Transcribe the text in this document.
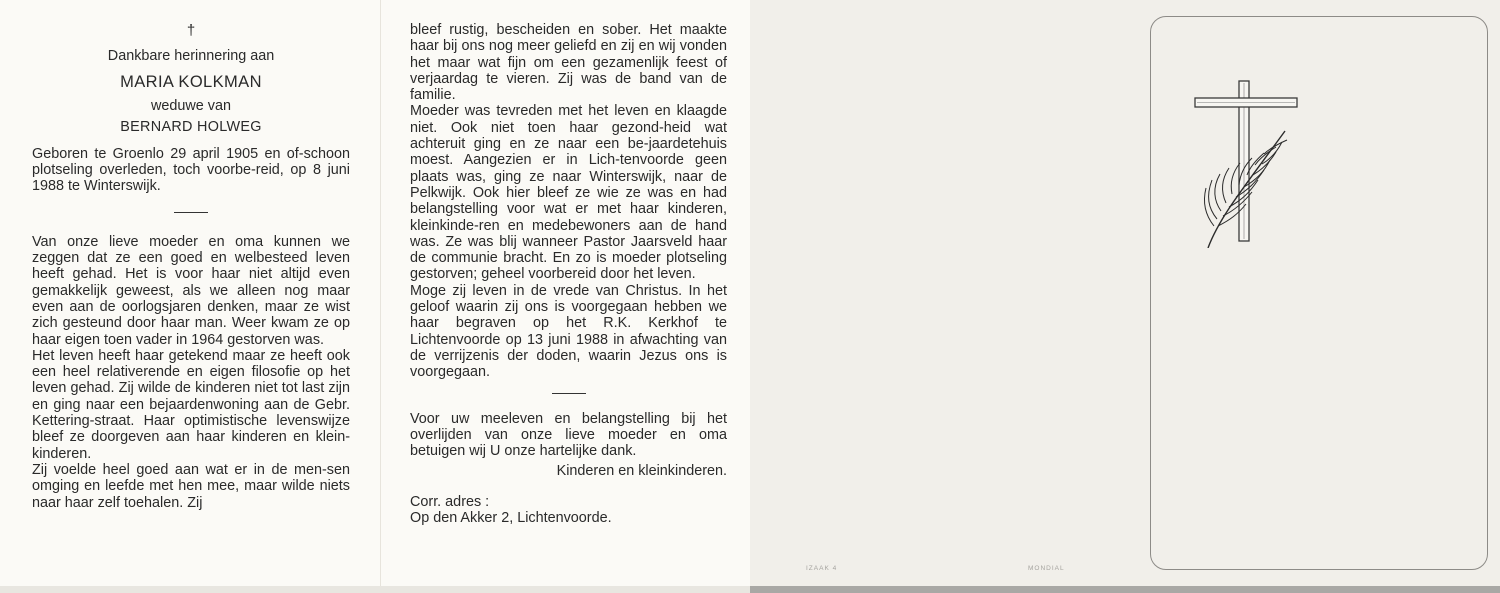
†

Dankbare herinnering aan

MARIA KOLKMAN

weduwe van

BERNARD HOLWEG

Geboren te Groenlo 29 april 1905 en of-schoon plotseling overleden, toch voorbe-reid, op 8 juni 1988 te Winterswijk.

Van onze lieve moeder en oma kunnen we zeggen dat ze een goed en welbesteed leven heeft gehad. Het is voor haar niet altijd even gemakkelijk geweest, als we alleen nog maar even aan de oorlogsjaren denken, maar ze wist zich gesteund door haar man. Weer kwam ze op haar eigen toen vader in 1964 gestorven was.

Het leven heeft haar getekend maar ze heeft ook een heel relativerende en eigen filosofie op het leven gehad. Zij wilde de kinderen niet tot last zijn en ging naar een bejaardenwoning aan de Gebr. Kettering-straat. Haar optimistische levenswijze bleef ze doorgeven aan haar kinderen en klein-kinderen.

Zij voelde heel goed aan wat er in de men-sen omging en leefde met hen mee, maar wilde niets naar haar zelf toehalen. Zij

bleef rustig, bescheiden en sober. Het maakte haar bij ons nog meer geliefd en zij en wij vonden het maar wat fijn om een gezamenlijk feest of verjaardag te vieren. Zij was de band van de familie.

Moeder was tevreden met het leven en klaagde niet. Ook niet toen haar gezond-heid wat achteruit ging en ze naar een be-jaardetehuis moest. Aangezien er in Lich-tenvoorde geen plaats was, ging ze naar Winterswijk, naar de Pelkwijk. Ook hier bleef ze wie ze was en had belangstelling voor wat er met haar kinderen, kleinkinde-ren en medebewoners aan de hand was. Ze was blij wanneer Pastor Jaarsveld haar de communie bracht. En zo is moeder plotseling gestorven; geheel voorbereid door het leven.

Moge zij leven in de vrede van Christus. In het geloof waarin zij ons is voorgegaan hebben we haar begraven op het R.K. Kerkhof te Lichtenvoorde op 13 juni 1988 in afwachting van de verrijzenis der doden, waarin Jezus ons is voorgegaan.

Voor uw meeleven en belangstelling bij het overlijden van onze lieve moeder en oma betuigen wij U onze hartelijke dank.

Kinderen en kleinkinderen.

Corr. adres :

Op den Akker 2, Lichtenvoorde.

IZAAK 4	MONDIAL
